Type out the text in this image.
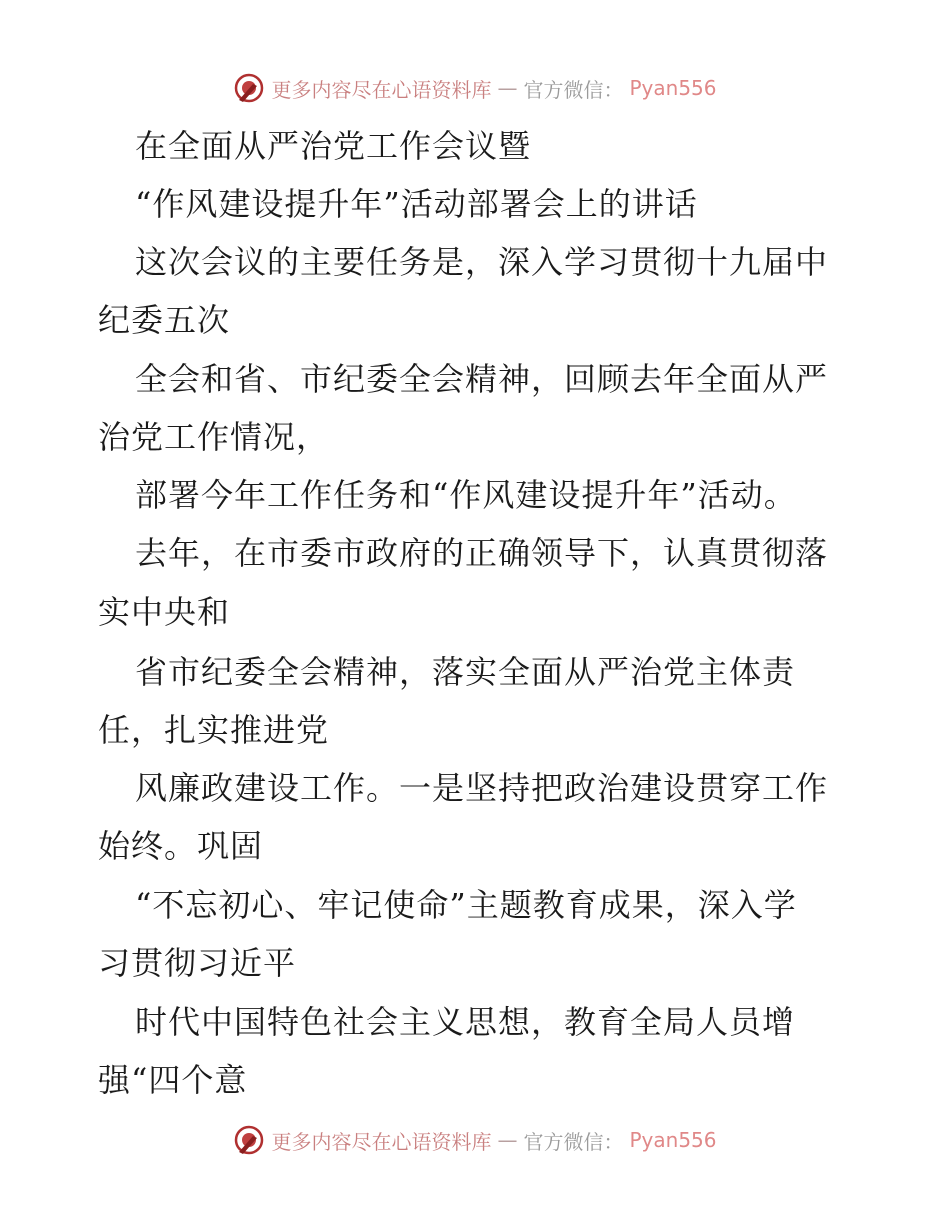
更多内容尽在心语资料库 — 官方微信： Pyan556
在全面从严治党工作会议暨
“作风建设提升年”活动部署会上的讲话
这次会议的主要任务是，深入学习贯彻十九届中
纪委五次
全会和省、市纪委全会精神，回顾去年全面从严
治党工作情况，
部署今年工作任务和“作风建设提升年”活动。
去年，在市委市政府的正确领导下，认真贯彻落
实中央和
省市纪委全会精神，落实全面从严治党主体责
任，扎实推进党
风廉政建设工作。一是坚持把政治建设贯穿工作
始终。巩固
“不忘初心、牢记使命”主题教育成果，深入学
习贯彻习近平
时代中国特色社会主义思想，教育全局人员增
强“四个意
更多内容尽在心语资料库 — 官方微信： Pyan556
